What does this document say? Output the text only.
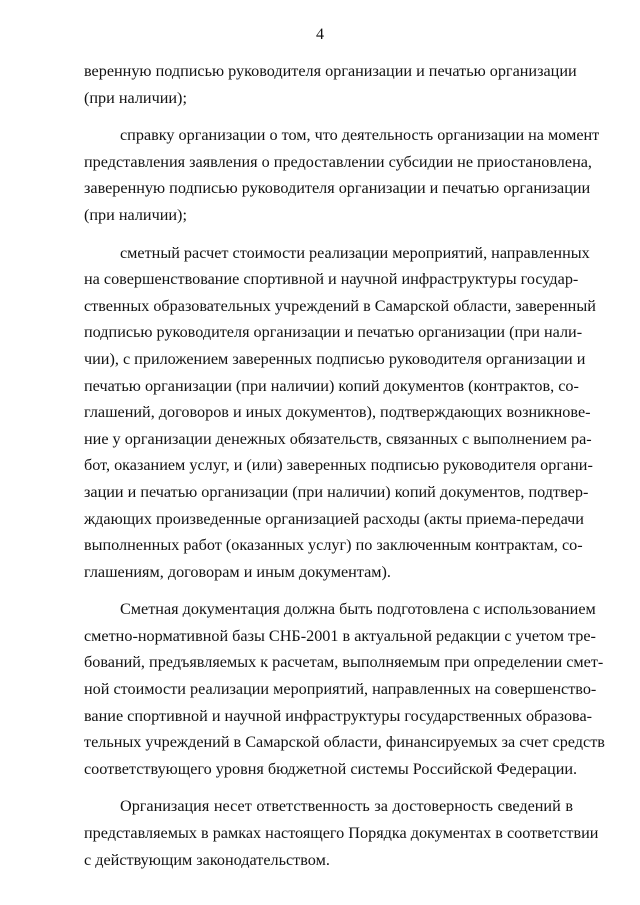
4

веренную подписью руководителя организации и печатью организации
(при наличии);

справку организации о том, что деятельность организации на момент
представления заявления о предоставлении субсидии не приостановлена,
заверенную подписью руководителя организации и печатью организации
(при наличии);

сметный расчет стоимости реализации мероприятий, направленных
на совершенствование спортивной и научной инфраструктуры государ-
ственных образовательных учреждений в Самарской области, заверенный
подписью руководителя организации и печатью организации (при нали-
чии), с приложением заверенных подписью руководителя организации и
печатью организации (при наличии) копий документов (контрактов, со-
глашений, договоров и иных документов), подтверждающих возникнове-
ние у организации денежных обязательств, связанных с выполнением ра-
бот, оказанием услуг, и (или) заверенных подписью руководителя органи-
зации и печатью организации (при наличии) копий документов, подтвер-
ждающих произведенные организацией расходы (акты приема-передачи
выполненных работ (оказанных услуг) по заключенным контрактам, со-
глашениям, договорам и иным документам).

Сметная документация должна быть подготовлена с использованием
сметно-нормативной базы СНБ-2001 в актуальной редакции с учетом тре-
бований, предъявляемых к расчетам, выполняемым при определении смет-
ной стоимости реализации мероприятий, направленных на совершенство-
вание спортивной и научной инфраструктуры государственных образова-
тельных учреждений в Самарской области, финансируемых за счет средств
соответствующего уровня бюджетной системы Российской Федерации.

Организация несет ответственность за достоверность сведений в
представляемых в рамках настоящего Порядка документах в соответствии
с действующим законодательством.
